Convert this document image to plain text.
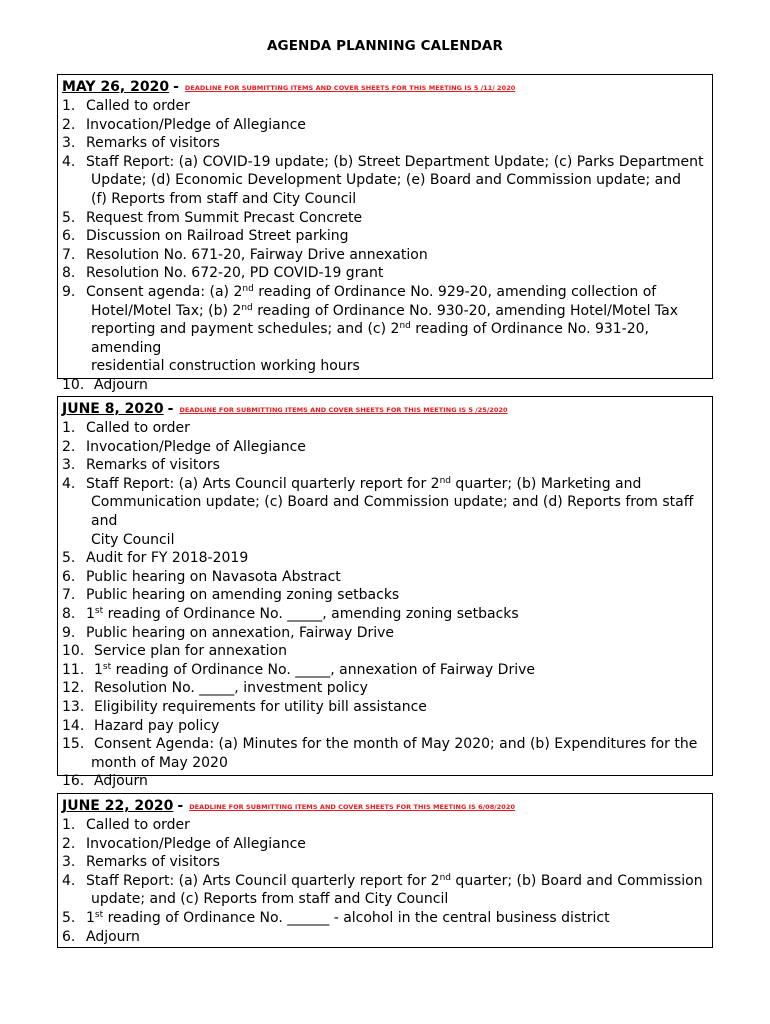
AGENDA PLANNING CALENDAR
MAY 26, 2020 - DEADLINE FOR SUBMITTING ITEMS AND COVER SHEETS FOR THIS MEETING IS 5 /11/ 2020
1. Called to order
2. Invocation/Pledge of Allegiance
3. Remarks of visitors
4. Staff Report: (a) COVID-19 update; (b) Street Department Update; (c) Parks Department
Update; (d) Economic Development Update; (e) Board and Commission update; and
(f) Reports from staff and City Council
5. Request from Summit Precast Concrete
6. Discussion on Railroad Street parking
7. Resolution No. 671-20, Fairway Drive annexation
8. Resolution No. 672-20, PD COVID-19 grant
9. Consent agenda: (a) 2nd reading of Ordinance No. 929-20, amending collection of
Hotel/Motel Tax; (b) 2nd reading of Ordinance No. 930-20, amending Hotel/Motel Tax
reporting and payment schedules; and (c) 2nd reading of Ordinance No. 931-20, amending
residential construction working hours
10. Adjourn
JUNE 8, 2020 - DEADLINE FOR SUBMITTING ITEMS AND COVER SHEETS FOR THIS MEETING IS 5 /25/2020
1. Called to order
2. Invocation/Pledge of Allegiance
3. Remarks of visitors
4. Staff Report: (a) Arts Council quarterly report for 2nd quarter; (b) Marketing and
Communication update; (c) Board and Commission update; and (d) Reports from staff and
City Council
5. Audit for FY 2018-2019
6. Public hearing on Navasota Abstract
7. Public hearing on amending zoning setbacks
8. 1st reading of Ordinance No. _____, amending zoning setbacks
9. Public hearing on annexation, Fairway Drive
10. Service plan for annexation
11. 1st reading of Ordinance No. _____, annexation of Fairway Drive
12. Resolution No. _____, investment policy
13. Eligibility requirements for utility bill assistance
14. Hazard pay policy
15. Consent Agenda: (a) Minutes for the month of May 2020; and (b) Expenditures for the
month of May 2020
16. Adjourn
JUNE 22, 2020 - DEADLINE FOR SUBMITTING ITEMS AND COVER SHEETS FOR THIS MEETING IS 6/08/2020
1. Called to order
2. Invocation/Pledge of Allegiance
3. Remarks of visitors
4. Staff Report: (a) Arts Council quarterly report for 2nd quarter; (b) Board and Commission
update; and (c) Reports from staff and City Council
5. 1st reading of Ordinance No. ______ - alcohol in the central business district
6. Adjourn
